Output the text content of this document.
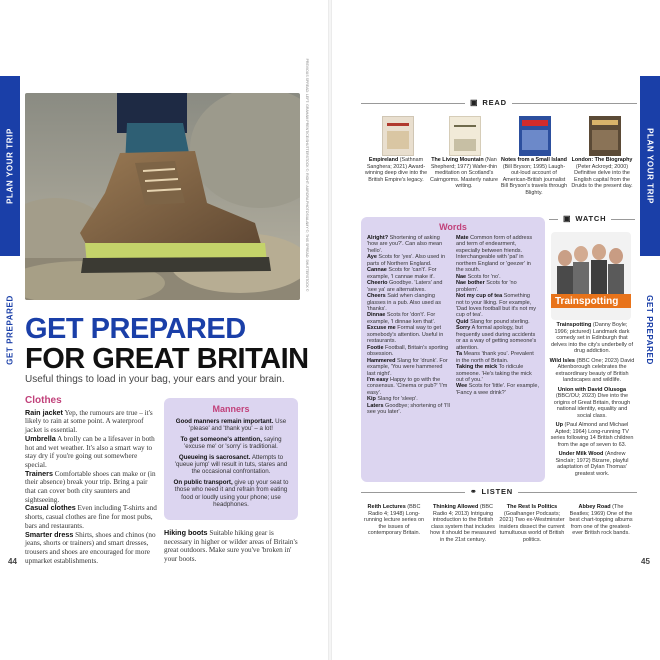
PLAN YOUR TRIP
GET PREPARED
PREVIOUS SPREAD: LEFT: GRAHAM PRENTICE/SHUTTERSTOCK ©; RIGHT: AURORA PHOTOS/ALAMY ©; THIS SPREAD: SHUTTERSTOCK ©
GET PREPARED
FOR GREAT BRITAIN
Useful things to load in your bag, your ears and your brain.
Clothes

Rain jacket Yep, the rumours are true – it's likely to rain at some point. A waterproof jacket is essential.

Umbrella A brolly can be a lifesaver in both hot and wet weather. It's also a smart way to stay dry if you're going out somewhere special.

Trainers Comfortable shoes can make or (in their absence) break your trip. Bring a pair that can cover both city saunters and sightseeing.

Casual clothes Even including T-shirts and shorts, casual clothes are fine for most pubs, bars and restaurants.

Smarter dress Shirts, shoes and chinos (no jeans, shorts or trainers) and smart dresses, trousers and shoes are encouraged for more upmarket establishments.

Manners

Good manners remain important. Use 'please' and 'thank you' – a lot!

To get someone's attention, saying 'excuse me' or 'sorry' is traditional.

Queueing is sacrosanct. Attempts to 'queue jump' will result in tuts, stares and the occasional confrontation.

On public transport, give up your seat to those who need it and refrain from eating food or loudly using your phone; use headphones.

Hiking boots Suitable hiking gear is necessary in higher or wilder areas of Britain's great outdoors. Make sure you've 'broken in' your boots.

44
PLAN YOUR TRIP
GET PREPARED
▣ READ
Empireland (Sathnam Sanghera; 2021) Award-winning deep dive into the British Empire's legacy.
The Living Mountain (Nan Shepherd; 1977) Wafer-thin meditation on Scotland's Cairngorms. Masterly nature writing.
Notes from a Small Island (Bill Bryson; 1995) Laugh-out-loud account of American-British journalist Bill Bryson's travels through Blighty.
London: The Biography (Peter Ackroyd; 2000) Definitive delve into the English capital from the Druids to the present day.
Words
Alright? Shortening of asking 'how are you?'. Can also mean 'hello'.
Aye Scots for 'yes'. Also used in parts of Northern England.
Cannae Scots for 'can't'. For example, 'I cannae make it'.
Cheerio Goodbye. 'Laters' and 'see ya' are alternatives.
Cheers Said when clanging glasses in a pub. Also used as 'thanks'.
Dinnae Scots for 'don't'. For example, 'I dinnae ken that'.
Excuse me Formal way to get somebody's attention. Useful in restaurants.
Footie Football, Britain's sporting obsession.
Hammered Slang for 'drunk'. For example, 'You were hammered last night'.
I'm easy Happy to go with the consensus. 'Cinema or pub?' 'I'm easy'.
Kip Slang for 'sleep'.
Laters Goodbye; shortening of 'I'll see you later'.
Mate Common form of address and term of endearment, especially between friends. Interchangeable with 'pal' in northern England or 'geezer' in the south.
Nae Scots for 'no'.
Nae bother Scots for 'no problem'.
Not my cup of tea Something not to your liking. For example, 'Dad loves football but it's not my cup of tea'.
Quid Slang for pound sterling.
Sorry A formal apology, but frequently used during accidents or as a way of getting someone's attention.
Ta Means 'thank you'. Prevalent in the north of Britain.
Taking the mick To ridicule someone. 'He's taking the mick out of you.'
Wee Scots for 'little'. For example, 'Fancy a wee drink?'
▣ WATCH
Trainspotting

Trainspotting (Danny Boyle; 1996; pictured) Landmark dark comedy set in Edinburgh that delves into the city's underbelly of drug addiction.

Wild Isles (BBC One; 2023) David Attenborough celebrates the extraordinary beauty of British landscapes and wildlife.

Union with David Olusoga (BBC/OU; 2023) Dive into the origins of Great Britain, through national identity, equality and social class.

Up (Paul Almond and Michael Apted; 1964) Long-running TV series following 14 British children from the age of seven to 63.

Under Milk Wood (Andrew Sinclair; 1972) Bizarre, playful adaptation of Dylan Thomas' greatest work.

⚭ LISTEN
Reith Lectures (BBC Radio 4; 1948) Long-running lecture series on the issues of contemporary Britain.
Thinking Allowed (BBC Radio 4; 2013) Intriguing introduction to the British class system that includes how it should be measured in the 21st century.
The Rest Is Politics (Goalhanger Podcasts; 2021) Two ex-Westminster insiders dissect the current tumultuous world of British politics.
Abbey Road (The Beatles; 1969) One of the best chart-topping albums from one of the greatest-ever British rock bands.
45
